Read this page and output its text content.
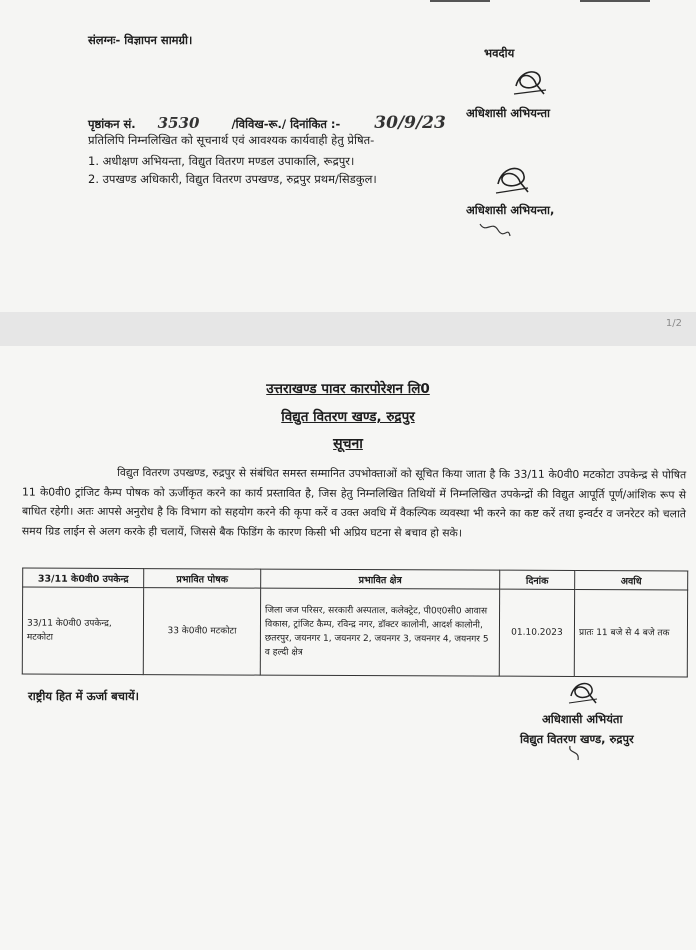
संलग्नः- विज्ञापन सामग्री।
भवदीय
अधिशासी अभियन्ता
पृष्ठांकन सं. 3530	/विविख-रू./ दिनांकित :- 30/9/23
प्रतिलिपि निम्नलिखित को सूचनार्थ एवं आवश्यक कार्यवाही हेतु प्रेषित-
1. अधीक्षण अभियन्ता, विद्युत वितरण मण्डल उपाकालि, रूद्रपुर।
2. उपखण्ड अधिकारी, विद्युत वितरण उपखण्ड, रुद्रपुर प्रथम/सिडकुल।
अधिशासी अभियन्ता,
1/2
उत्तराखण्ड पावर कारपोरेशन लि0
विद्युत वितरण खण्ड, रुद्रपुर
सूचना
विद्युत वितरण उपखण्ड, रुद्रपुर से संबंधित समस्त सम्मानित उपभोक्ताओं को सूचित किया जाता है कि 33/11 के0वी0 मटकोटा उपकेन्द्र से पोषित 11 के0वी0 ट्रांजिट कैम्प पोषक को ऊर्जीकृत करने का कार्य प्रस्तावित है, जिस हेतु निम्नलिखित तिथियों में निम्नलिखित उपकेन्द्रों की विद्युत आपूर्ति पूर्ण/आंशिक रूप से बाधित रहेगी। अतः आपसे अनुरोध है कि विभाग को सहयोग करने की कृपा करें व उक्त अवधि में वैकल्पिक व्यवस्था भी करने का कष्ट करें तथा इन्वर्टर व जनरेटर को चलाते समय ग्रिड लाईन से अलग करके ही चलायें, जिससे बैक फिडिंग के कारण किसी भी अप्रिय घटना से बचाव हो सके।
33/11 के0वी0 उपकेन्द्र	प्रभावित पोषक	प्रभावित क्षेत्र	दिनांक	अवधि
33/11 के0वी0 उपकेन्द्र, मटकोटा	33 के0वी0 मटकोटा	जिला जज परिसर, सरकारी अस्पताल, कलेक्ट्रेट, पी0ए0सी0 आवास विकास, ट्रांजिट कैम्प, रविन्द्र नगर, डॉक्टर कालोनी, आदर्श कालोनी, छतरपुर, जयनगर 1, जयनगर 2, जयनगर 3, जयनगर 4, जयनगर 5 व हल्दी क्षेत्र	01.10.2023	प्रातः 11 बजे से 4 बजे तक
राष्ट्रीय हित में ऊर्जा बचायें।
अधिशासी अभियंता
विद्युत वितरण खण्ड, रुद्रपुर
